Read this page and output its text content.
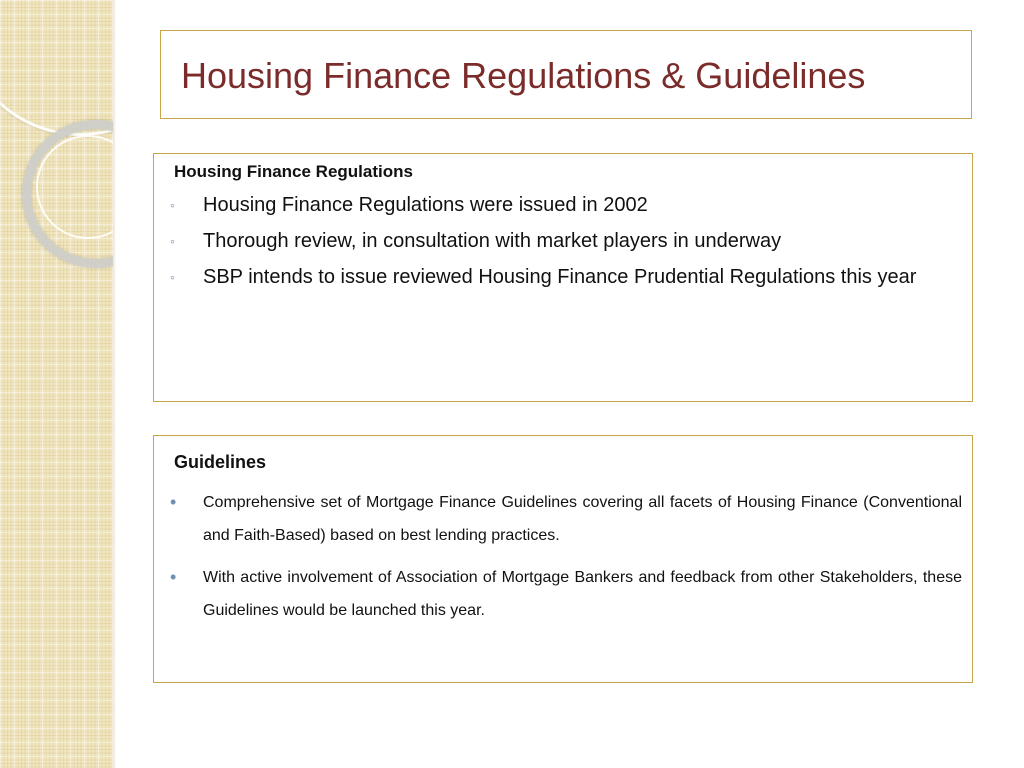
Housing Finance Regulations & Guidelines
Housing Finance Regulations
◦ Housing Finance Regulations were issued in 2002
◦ Thorough review, in consultation with market players in underway
◦ SBP intends to issue reviewed Housing Finance Prudential Regulations this year
Guidelines
• Comprehensive set of Mortgage Finance Guidelines covering all facets of Housing Finance (Conventional and Faith-Based) based on best lending practices.
• With active involvement of Association of Mortgage Bankers and feedback from other Stakeholders, these Guidelines would be launched this year.
